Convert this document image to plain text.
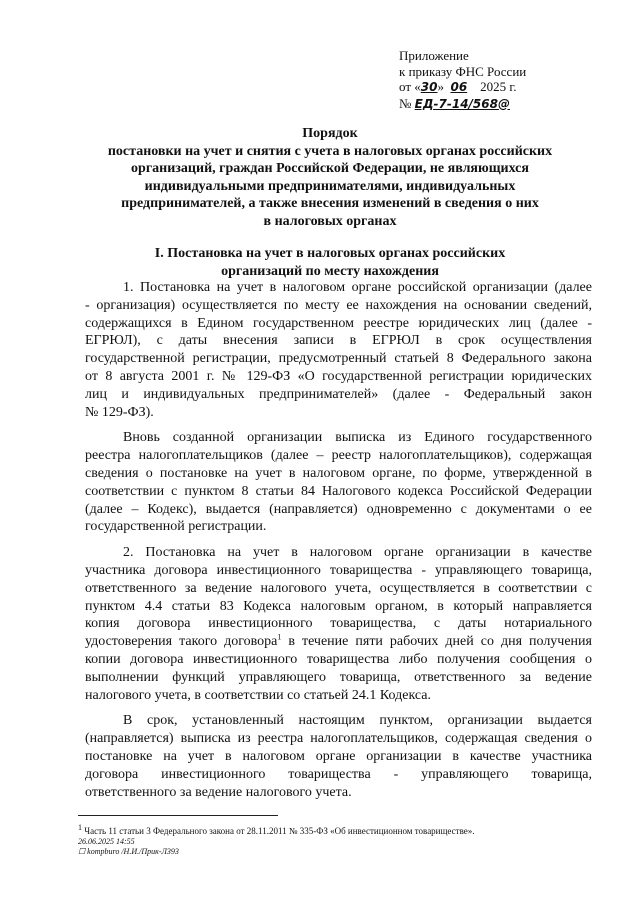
Приложение
к приказу ФНС России
от «30» 06 2025 г.
№ ЕД-7-14/568@
Порядок
постановки на учет и снятия с учета в налоговых органах российских
организаций, граждан Российской Федерации, не являющихся
индивидуальными предпринимателями, индивидуальных
предпринимателей, а также внесения изменений в сведения о них
в налоговых органах
I. Постановка на учет в налоговых органах российских
организаций по месту нахождения
1. Постановка на учет в налоговом органе российской организации (далее
- организация) осуществляется по месту ее нахождения на основании сведений,
содержащихся в Едином государственном реестре юридических лиц (далее -
ЕГРЮЛ), с даты внесения записи в ЕГРЮЛ в срок осуществления
государственной регистрации, предусмотренный статьей 8 Федерального закона
от 8 августа 2001 г. № 129-ФЗ «О государственной регистрации юридических
лиц и индивидуальных предпринимателей» (далее - Федеральный закон
№ 129-ФЗ).
Вновь созданной организации выписка из Единого государственного
реестра налогоплательщиков (далее – реестр налогоплательщиков), содержащая
сведения о постановке на учет в налоговом органе, по форме, утвержденной в
соответствии с пунктом 8 статьи 84 Налогового кодекса Российской Федерации
(далее – Кодекс), выдается (направляется) одновременно с документами о ее
государственной регистрации.
2. Постановка на учет в налоговом органе организации в качестве
участника договора инвестиционного товарищества - управляющего товарища,
ответственного за ведение налогового учета, осуществляется в соответствии с
пунктом 4.4 статьи 83 Кодекса налоговым органом, в который направляется
копия договора инвестиционного товарищества, с даты нотариального
удостоверения такого договора$^1$ в течение пяти рабочих дней со дня получения
копии договора инвестиционного товарищества либо получения сообщения о
выполнении функций управляющего товарища, ответственного за ведение
налогового учета, в соответствии со статьей 24.1 Кодекса.
В срок, установленный настоящим пунктом, организации выдается
(направляется) выписка из реестра налогоплательщиков, содержащая сведения о
постановке на учет в налоговом органе организации в качестве участника
договора инвестиционного товарищества - управляющего товарища,
ответственного за ведение налогового учета.
$^1$ Часть 11 статьи 3 Федерального закона от 28.11.2011 № 335-ФЗ «Об инвестиционном товариществе».
26.06.2025 14:55
☐ kompburo /Н.И./Прик-Л393
